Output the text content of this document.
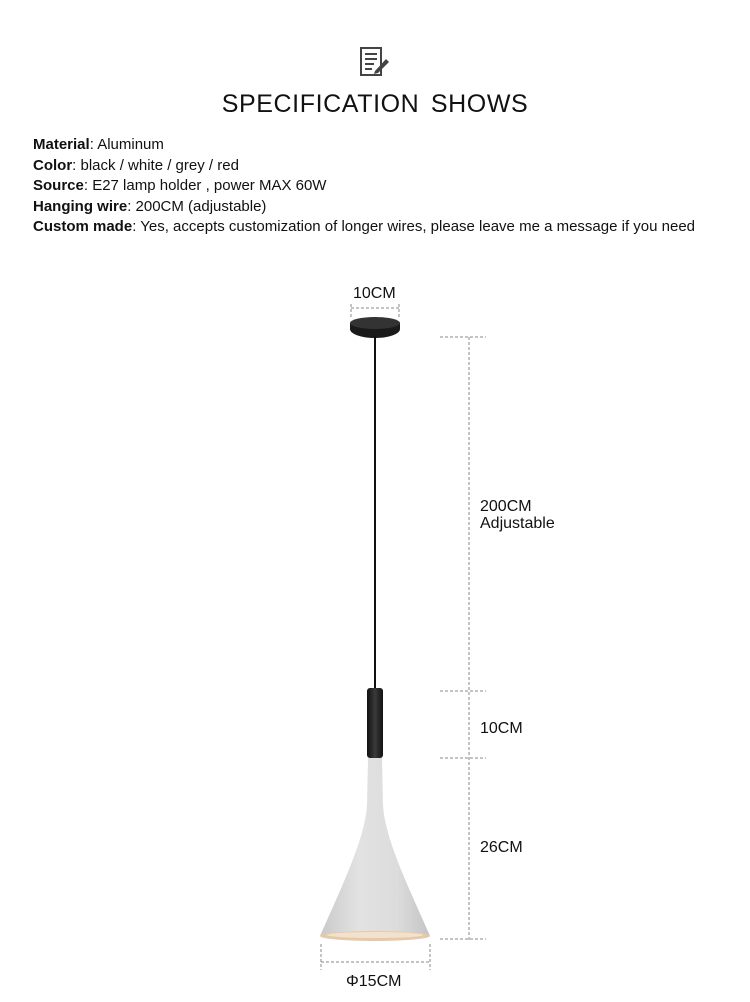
SPECIFICATION SHOWS
Material: Aluminum
Color: black / white / grey / red
Source: E27 lamp holder , power MAX 60W
Hanging wire: 200CM (adjustable)
Custom made: Yes, accepts customization of longer wires, please leave me a message if you need
10CM
200CM
Adjustable
10CM
26CM
Φ15CM
